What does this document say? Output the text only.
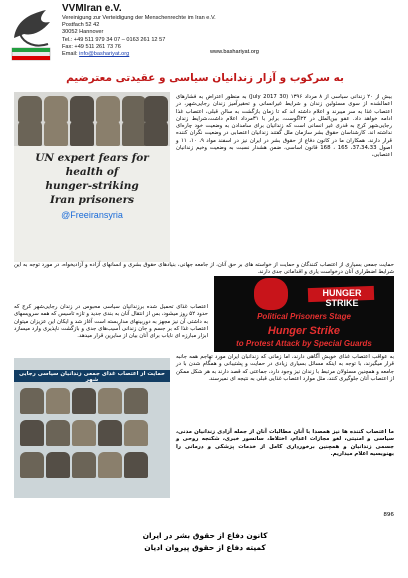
VVMIran e.V.
Vereinigung zur Verteidigung der Menschenrechte im Iran e.V.
Postfach 52 42
30052 Hannover
Tel.: +49 511 979 34 07 – 0163 261 12 57
Fax: +49 511 261 73 76
Email: info@bashariyat.org	www.bashariyat.org
به سرکوب و آزار زندانیان سیاسی و عقیدتی معترضیم
UN expert fears for
health of
hunger-striking
Iran prisoners
@Freeiransyria
بیش از ۲۰ زندانی سیاسی از ۸ مرداد ۱۳۹۶ (30 July 2017) به منظور اعتراض به فشارهای اعمالشده از سوی مسئولین زندان و شرایط غیرانسانی و تحقیرآمیز زندان رجایی‌شهر، در اعتصاب غذا به سر میبرند و اعلام داشته اند که تا زمان بازگشت به سالن قبلی، اعتصاب غذا ادامه خواهد داد. عفو بین‌الملل در ۲۲اگوست، برابر با ۳۱مرداد اعلام داشت،شرایط زندان رجایی‌شهر کرج به قدری غیر انسانی است که زندانیان برای سامدادن به وضعیت خود چاره‌ای نداشته اند. کارشناسان حقوق بشر سازمان ملل گفتند زندانیان اعتصابی در وضعیت نگران کننده قرار دارند. همکاران ما در کانون دفاع از حقوق بشر در ایران نیز در اسفند مواد ۹، ۱۰، ۱۱ و اصول 37،34،33، 165 ، 168 قانون اساسی، ضمن هشدار نسبت به وضعیت وخیم زندانیان اعتصابی،
حمایت جمعی بسیاری از اعتصاب کنندگان و حمایت از خواسته های بر حق آنان، از جامعه جهانی، بنیادهای حقوق بشری و انسانهای آزاده و آزادیخواه، در مورد توجه به این شرایط اضطراری آنان درخواست یاری و اقداماتی جدی دارند.
اعتصاب غذای تحمیل شده برزندانیان سیاسی محبوس در زندان رجایی‌شهر کرج که حدود ۵۲ روز میشود، بس از انتقال آنان به بندی جدید و تازه تاسیس که همه سرویسهای به داشتی آن نیز مجهز به دوربینهای مداربسته است آغاز شد و ایکان این عزیزان میتوان اعتصاب غذا که بر جسم و جان زندانی آسیب‌های جدی و بازگشت ناپذیری وارد میسازد ابزار مبارزه ای نایاب برای آنان بیان از سایرین قرار میدهد.
HUNGER STRIKE
Political Prisoners Stage
Hunger Strike
to Protest Attack by Special Guards
حمایت از اعتصاب غذای جمعی زندانیان سیاسی رجایی شهر
به عواقب اعتصاب غذای خویش آگاهی دارند، اما زمانی که زندانبان ایران مورد تهاجم همه جانبه قرار میگیرند، با توجه به اینکه مسائل بسیاری زیادی در حمایت و پشتیبانی و همگام شدن با در جامعه و همچنین مسئولان مرتبط با زندان نیز وجود دارد، جماعتی که قصد دارند به هر شکل ممکن از اعتصاب آنان جلوگیری کنند، مثل موارد اعتصاب غذایی قبلی به نتیجه ای نمیرسند.
ما اعتصاب کننده ها نیز همصدا با آنان مطالبات آنان از جمله آزادی زندانیان مدنی، سیاسی و امنیتی، لغو مجازات اعدام، اختلاط، سانسور خبری، شکنجه روحی و جسمی زندانیان و همچنین برخورداری کامل از خدمات پزشکی و درمانی را بهنوبسیه اعلام میداریم.
896
کانون دفاع از حقوق بشر در ایران
کمیته دفاع از حقوق پیروان ادیان
